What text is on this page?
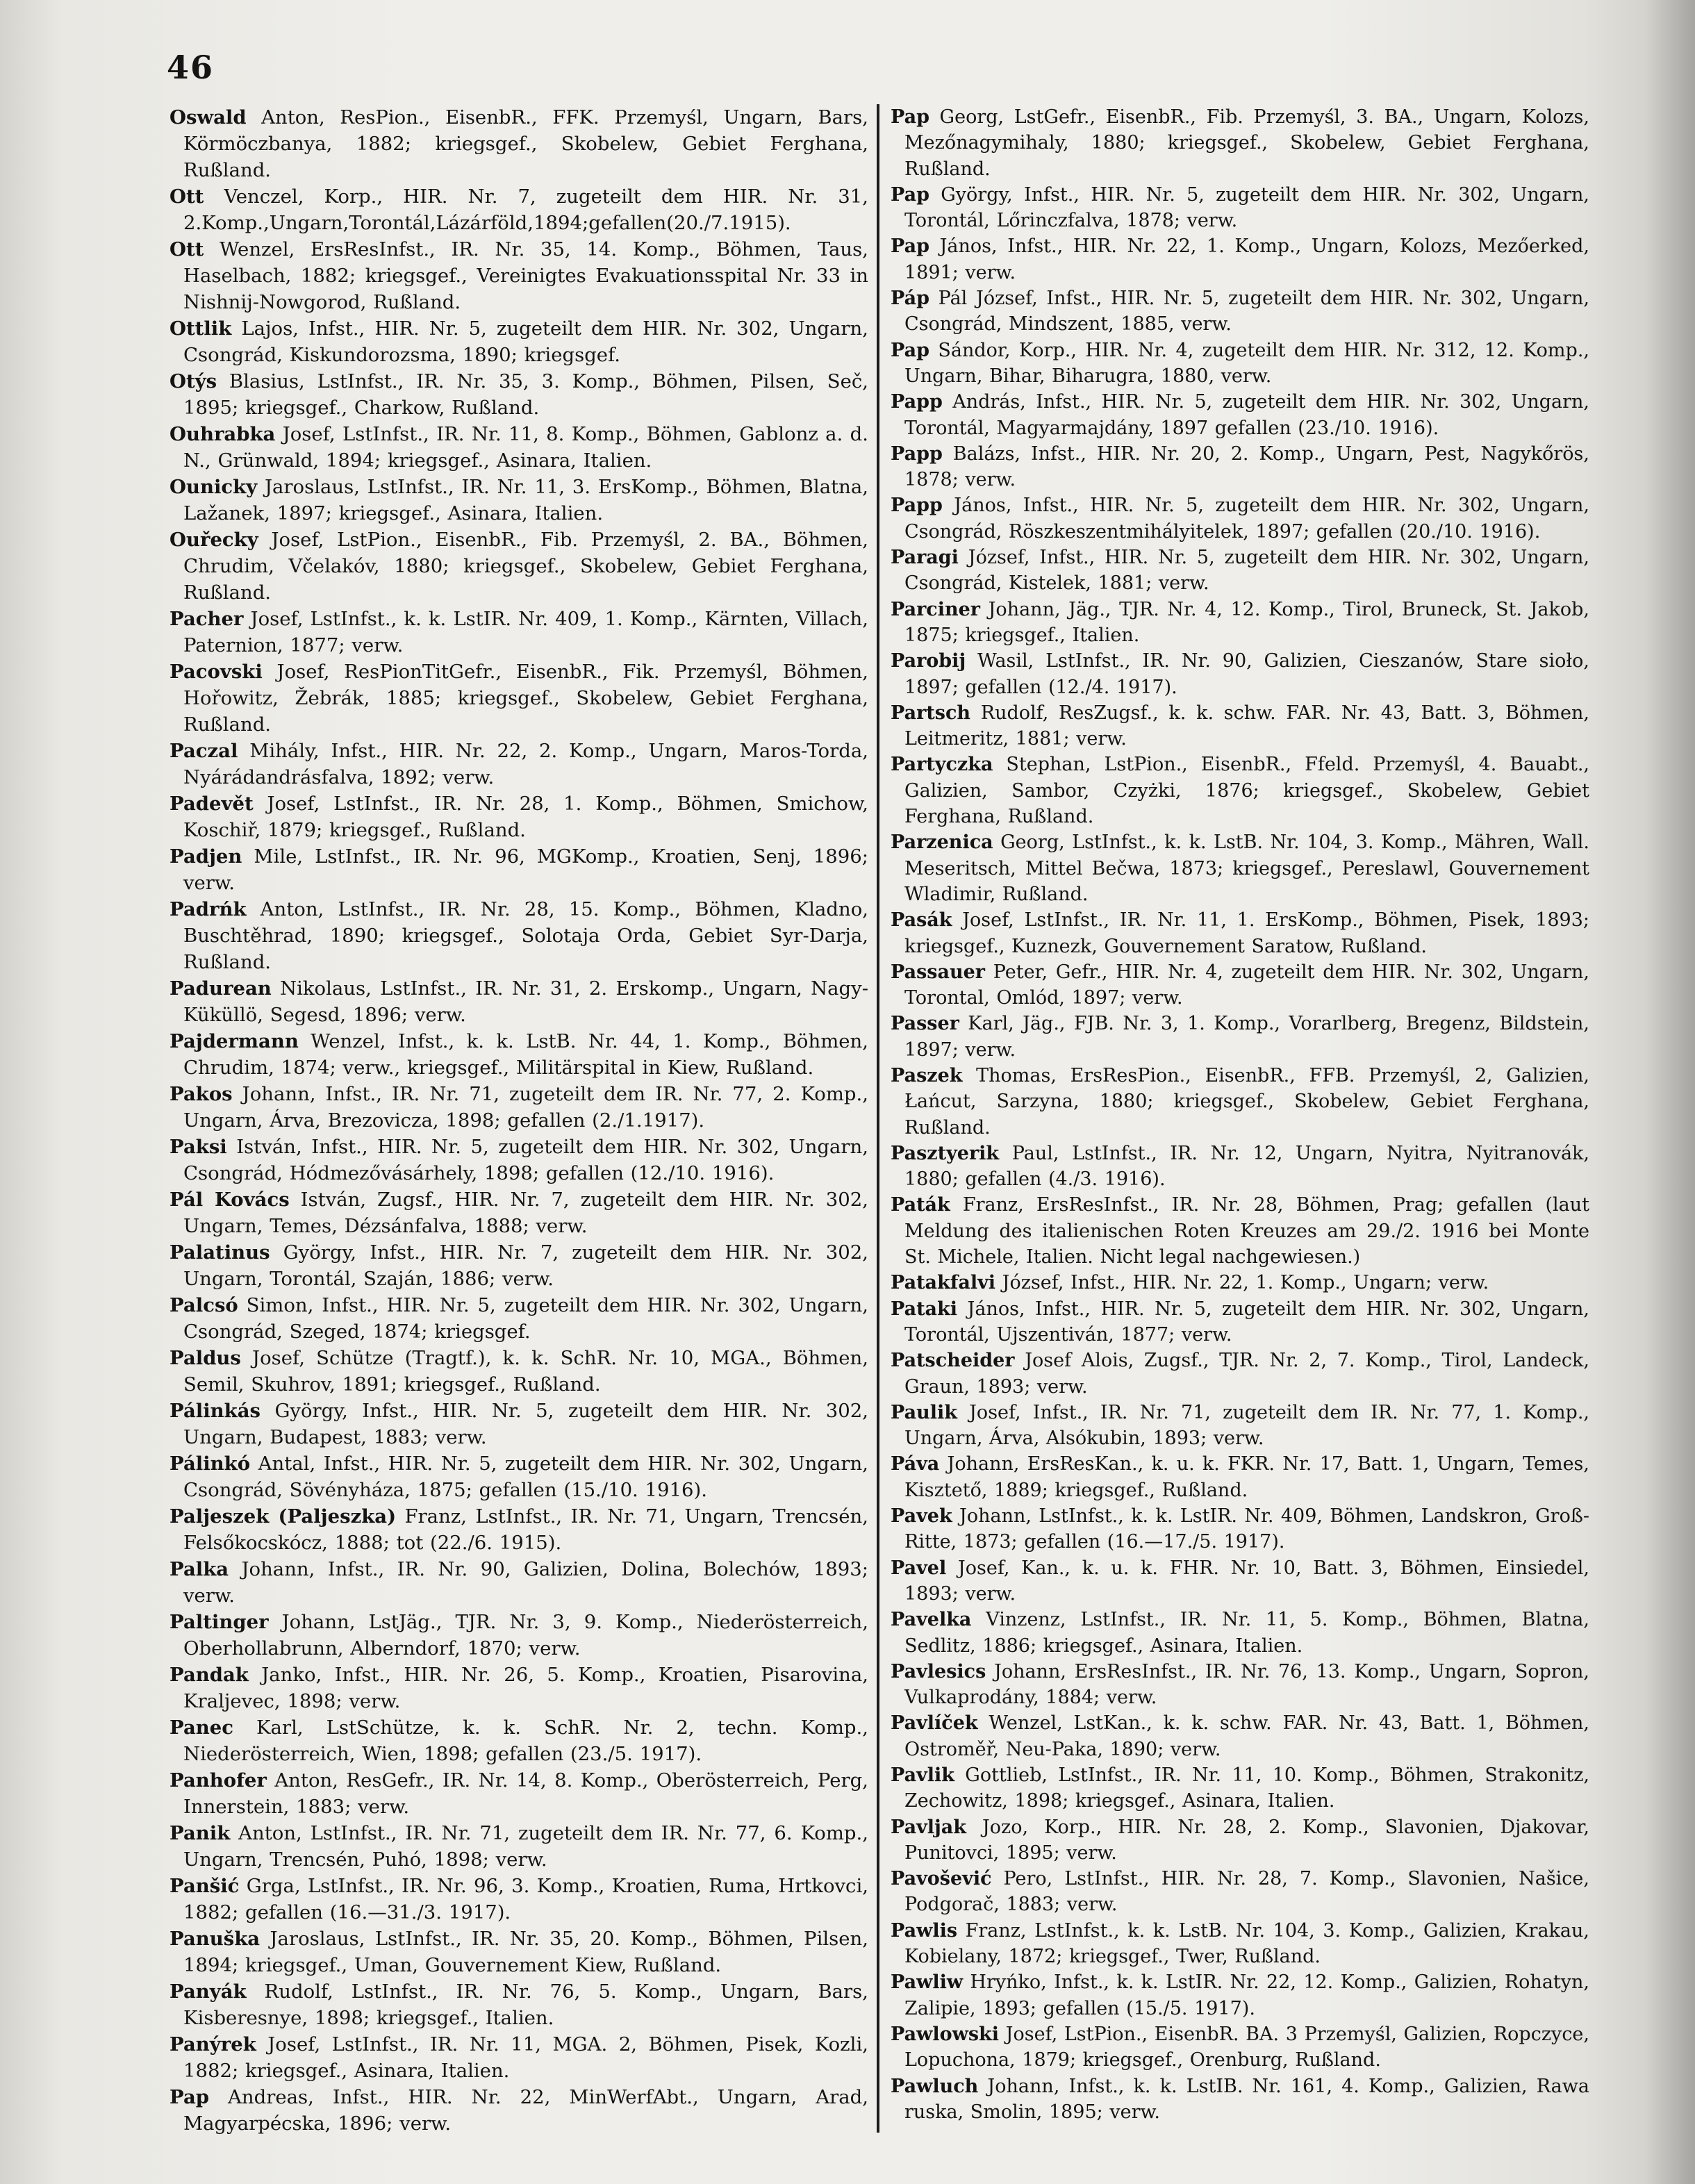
46

Oswald Anton, ResPion., EisenbR., FFK. Przemyśl, Ungarn, Bars, Körmöczbanya, 1882; kriegsgef., Skobelew, Gebiet Ferghana, Rußland.

Ott Venczel, Korp., HIR. Nr. 7, zugeteilt dem HIR. Nr. 31, 2.Komp.,Ungarn,Torontál,Lázárföld,1894;gefallen(20./7.1915).

Ott Wenzel, ErsResInfst., IR. Nr. 35, 14. Komp., Böhmen, Taus, Haselbach, 1882; kriegsgef., Vereinigtes Evakuationsspital Nr. 33 in Nishnij-Nowgorod, Rußland.

Ottlik Lajos, Infst., HIR. Nr. 5, zugeteilt dem HIR. Nr. 302, Ungarn, Csongrád, Kiskundorozsma, 1890; kriegsgef.

Otýs Blasius, LstInfst., IR. Nr. 35, 3. Komp., Böhmen, Pilsen, Seč, 1895; kriegsgef., Charkow, Rußland.

Ouhrabka Josef, LstInfst., IR. Nr. 11, 8. Komp., Böhmen, Gablonz a. d. N., Grünwald, 1894; kriegsgef., Asinara, Italien.

Ounicky Jaroslaus, LstInfst., IR. Nr. 11, 3. ErsKomp., Böhmen, Blatna, Lažanek, 1897; kriegsgef., Asinara, Italien.

Ouřecky Josef, LstPion., EisenbR., Fib. Przemyśl, 2. BA., Böhmen, Chrudim, Včelakóv, 1880; kriegsgef., Skobelew, Gebiet Ferghana, Rußland.

Pacher Josef, LstInfst., k. k. LstIR. Nr. 409, 1. Komp., Kärnten, Villach, Paternion, 1877; verw.

Pacovski Josef, ResPionTitGefr., EisenbR., Fik. Przemyśl, Böhmen, Hořowitz, Žebrák, 1885; kriegsgef., Skobelew, Gebiet Ferghana, Rußland.

Paczal Mihály, Infst., HIR. Nr. 22, 2. Komp., Ungarn, Maros-Torda, Nyárádandrásfalva, 1892; verw.

Padevět Josef, LstInfst., IR. Nr. 28, 1. Komp., Böhmen, Smichow, Koschiř, 1879; kriegsgef., Rußland.

Padjen Mile, LstInfst., IR. Nr. 96, MGKomp., Kroatien, Senj, 1896; verw.

Padrńk Anton, LstInfst., IR. Nr. 28, 15. Komp., Böhmen, Kladno, Buschtěhrad, 1890; kriegsgef., Solotaja Orda, Gebiet Syr-Darja, Rußland.

Padurean Nikolaus, LstInfst., IR. Nr. 31, 2. Erskomp., Ungarn, Nagy-Küküllö, Segesd, 1896; verw.

Pajdermann Wenzel, Infst., k. k. LstB. Nr. 44, 1. Komp., Böhmen, Chrudim, 1874; verw., kriegsgef., Militärspital in Kiew, Rußland.

Pakos Johann, Infst., IR. Nr. 71, zugeteilt dem IR. Nr. 77, 2. Komp., Ungarn, Árva, Brezovicza, 1898; gefallen (2./1.1917).

Paksi István, Infst., HIR. Nr. 5, zugeteilt dem HIR. Nr. 302, Ungarn, Csongrád, Hódmezővásárhely, 1898; gefallen (12./10. 1916).

Pál Kovács István, Zugsf., HIR. Nr. 7, zugeteilt dem HIR. Nr. 302, Ungarn, Temes, Dézsánfalva, 1888; verw.

Palatinus György, Infst., HIR. Nr. 7, zugeteilt dem HIR. Nr. 302, Ungarn, Torontál, Szaján, 1886; verw.

Palcsó Simon, Infst., HIR. Nr. 5, zugeteilt dem HIR. Nr. 302, Ungarn, Csongrád, Szeged, 1874; kriegsgef.

Paldus Josef, Schütze (Tragtf.), k. k. SchR. Nr. 10, MGA., Böhmen, Semil, Skuhrov, 1891; kriegsgef., Rußland.

Pálinkás György, Infst., HIR. Nr. 5, zugeteilt dem HIR. Nr. 302, Ungarn, Budapest, 1883; verw.

Pálinkó Antal, Infst., HIR. Nr. 5, zugeteilt dem HIR. Nr. 302, Ungarn, Csongrád, Sövényháza, 1875; gefallen (15./10. 1916).

Paljeszek (Paljeszka) Franz, LstInfst., IR. Nr. 71, Ungarn, Trencsén, Felsőkocskócz, 1888; tot (22./6. 1915).

Palka Johann, Infst., IR. Nr. 90, Galizien, Dolina, Bolechów, 1893; verw.

Paltinger Johann, LstJäg., TJR. Nr. 3, 9. Komp., Niederösterreich, Oberhollabrunn, Alberndorf, 1870; verw.

Pandak Janko, Infst., HIR. Nr. 26, 5. Komp., Kroatien, Pisarovina, Kraljevec, 1898; verw.

Panec Karl, LstSchütze, k. k. SchR. Nr. 2, techn. Komp., Niederösterreich, Wien, 1898; gefallen (23./5. 1917).

Panhofer Anton, ResGefr., IR. Nr. 14, 8. Komp., Oberösterreich, Perg, Innerstein, 1883; verw.

Panik Anton, LstInfst., IR. Nr. 71, zugeteilt dem IR. Nr. 77, 6. Komp., Ungarn, Trencsén, Puhó, 1898; verw.

Panšić Grga, LstInfst., IR. Nr. 96, 3. Komp., Kroatien, Ruma, Hrtkovci, 1882; gefallen (16.—31./3. 1917).

Panuška Jaroslaus, LstInfst., IR. Nr. 35, 20. Komp., Böhmen, Pilsen, 1894; kriegsgef., Uman, Gouvernement Kiew, Rußland.

Panyák Rudolf, LstInfst., IR. Nr. 76, 5. Komp., Ungarn, Bars, Kisberesnye, 1898; kriegsgef., Italien.

Panýrek Josef, LstInfst., IR. Nr. 11, MGA. 2, Böhmen, Pisek, Kozli, 1882; kriegsgef., Asinara, Italien.

Pap Andreas, Infst., HIR. Nr. 22, MinWerfAbt., Ungarn, Arad, Magyarpécska, 1896; verw.

Pap Georg, LstGefr., EisenbR., Fib. Przemyśl, 3. BA., Ungarn, Kolozs, Mezőnagymihaly, 1880; kriegsgef., Skobelew, Gebiet Ferghana, Rußland.

Pap György, Infst., HIR. Nr. 5, zugeteilt dem HIR. Nr. 302, Ungarn, Torontál, Lőrinczfalva, 1878; verw.

Pap János, Infst., HIR. Nr. 22, 1. Komp., Ungarn, Kolozs, Mezőerked, 1891; verw.

Páp Pál József, Infst., HIR. Nr. 5, zugeteilt dem HIR. Nr. 302, Ungarn, Csongrád, Mindszent, 1885, verw.

Pap Sándor, Korp., HIR. Nr. 4, zugeteilt dem HIR. Nr. 312, 12. Komp., Ungarn, Bihar, Biharugra, 1880, verw.

Papp András, Infst., HIR. Nr. 5, zugeteilt dem HIR. Nr. 302, Ungarn, Torontál, Magyarmajdány, 1897 gefallen (23./10. 1916).

Papp Balázs, Infst., HIR. Nr. 20, 2. Komp., Ungarn, Pest, Nagykőrös, 1878; verw.

Papp János, Infst., HIR. Nr. 5, zugeteilt dem HIR. Nr. 302, Ungarn, Csongrád, Röszkeszentmihályitelek, 1897; gefallen (20./10. 1916).

Paragi József, Infst., HIR. Nr. 5, zugeteilt dem HIR. Nr. 302, Ungarn, Csongrád, Kistelek, 1881; verw.

Parciner Johann, Jäg., TJR. Nr. 4, 12. Komp., Tirol, Bruneck, St. Jakob, 1875; kriegsgef., Italien.

Parobij Wasil, LstInfst., IR. Nr. 90, Galizien, Cieszanów, Stare sioło, 1897; gefallen (12./4. 1917).

Partsch Rudolf, ResZugsf., k. k. schw. FAR. Nr. 43, Batt. 3, Böhmen, Leitmeritz, 1881; verw.

Partyczka Stephan, LstPion., EisenbR., Ffeld. Przemyśl, 4. Bauabt., Galizien, Sambor, Czyżki, 1876; kriegsgef., Skobelew, Gebiet Ferghana, Rußland.

Parzenica Georg, LstInfst., k. k. LstB. Nr. 104, 3. Komp., Mähren, Wall. Meseritsch, Mittel Bečwa, 1873; kriegsgef., Pereslawl, Gouvernement Wladimir, Rußland.

Pasák Josef, LstInfst., IR. Nr. 11, 1. ErsKomp., Böhmen, Pisek, 1893; kriegsgef., Kuznezk, Gouvernement Saratow, Rußland.

Passauer Peter, Gefr., HIR. Nr. 4, zugeteilt dem HIR. Nr. 302, Ungarn, Torontal, Omlód, 1897; verw.

Passer Karl, Jäg., FJB. Nr. 3, 1. Komp., Vorarlberg, Bregenz, Bildstein, 1897; verw.

Paszek Thomas, ErsResPion., EisenbR., FFB. Przemyśl, 2, Galizien, Łańcut, Sarzyna, 1880; kriegsgef., Skobelew, Gebiet Ferghana, Rußland.

Pasztyerik Paul, LstInfst., IR. Nr. 12, Ungarn, Nyitra, Nyitranovák, 1880; gefallen (4./3. 1916).

Paták Franz, ErsResInfst., IR. Nr. 28, Böhmen, Prag; gefallen (laut Meldung des italienischen Roten Kreuzes am 29./2. 1916 bei Monte St. Michele, Italien. Nicht legal nachgewiesen.)

Patakfalvi József, Infst., HIR. Nr. 22, 1. Komp., Ungarn; verw.

Pataki János, Infst., HIR. Nr. 5, zugeteilt dem HIR. Nr. 302, Ungarn, Torontál, Ujszentiván, 1877; verw.

Patscheider Josef Alois, Zugsf., TJR. Nr. 2, 7. Komp., Tirol, Landeck, Graun, 1893; verw.

Paulik Josef, Infst., IR. Nr. 71, zugeteilt dem IR. Nr. 77, 1. Komp., Ungarn, Árva, Alsókubin, 1893; verw.

Páva Johann, ErsResKan., k. u. k. FKR. Nr. 17, Batt. 1, Ungarn, Temes, Kisztető, 1889; kriegsgef., Rußland.

Pavek Johann, LstInfst., k. k. LstIR. Nr. 409, Böhmen, Landskron, Groß-Ritte, 1873; gefallen (16.—17./5. 1917).

Pavel Josef, Kan., k. u. k. FHR. Nr. 10, Batt. 3, Böhmen, Einsiedel, 1893; verw.

Pavelka Vinzenz, LstInfst., IR. Nr. 11, 5. Komp., Böhmen, Blatna, Sedlitz, 1886; kriegsgef., Asinara, Italien.

Pavlesics Johann, ErsResInfst., IR. Nr. 76, 13. Komp., Ungarn, Sopron, Vulkaprodány, 1884; verw.

Pavlíček Wenzel, LstKan., k. k. schw. FAR. Nr. 43, Batt. 1, Böhmen, Ostroměř, Neu-Paka, 1890; verw.

Pavlik Gottlieb, LstInfst., IR. Nr. 11, 10. Komp., Böhmen, Strakonitz, Zechowitz, 1898; kriegsgef., Asinara, Italien.

Pavljak Jozo, Korp., HIR. Nr. 28, 2. Komp., Slavonien, Djakovar, Punitovci, 1895; verw.

Pavošević Pero, LstInfst., HIR. Nr. 28, 7. Komp., Slavonien, Našice, Podgorač, 1883; verw.

Pawlis Franz, LstInfst., k. k. LstB. Nr. 104, 3. Komp., Galizien, Krakau, Kobielany, 1872; kriegsgef., Twer, Rußland.

Pawliw Hryńko, Infst., k. k. LstIR. Nr. 22, 12. Komp., Galizien, Rohatyn, Zalipie, 1893; gefallen (15./5. 1917).

Pawlowski Josef, LstPion., EisenbR. BA. 3 Przemyśl, Galizien, Ropczyce, Lopuchona, 1879; kriegsgef., Orenburg, Rußland.

Pawluch Johann, Infst., k. k. LstIB. Nr. 161, 4. Komp., Galizien, Rawa ruska, Smolin, 1895; verw.
